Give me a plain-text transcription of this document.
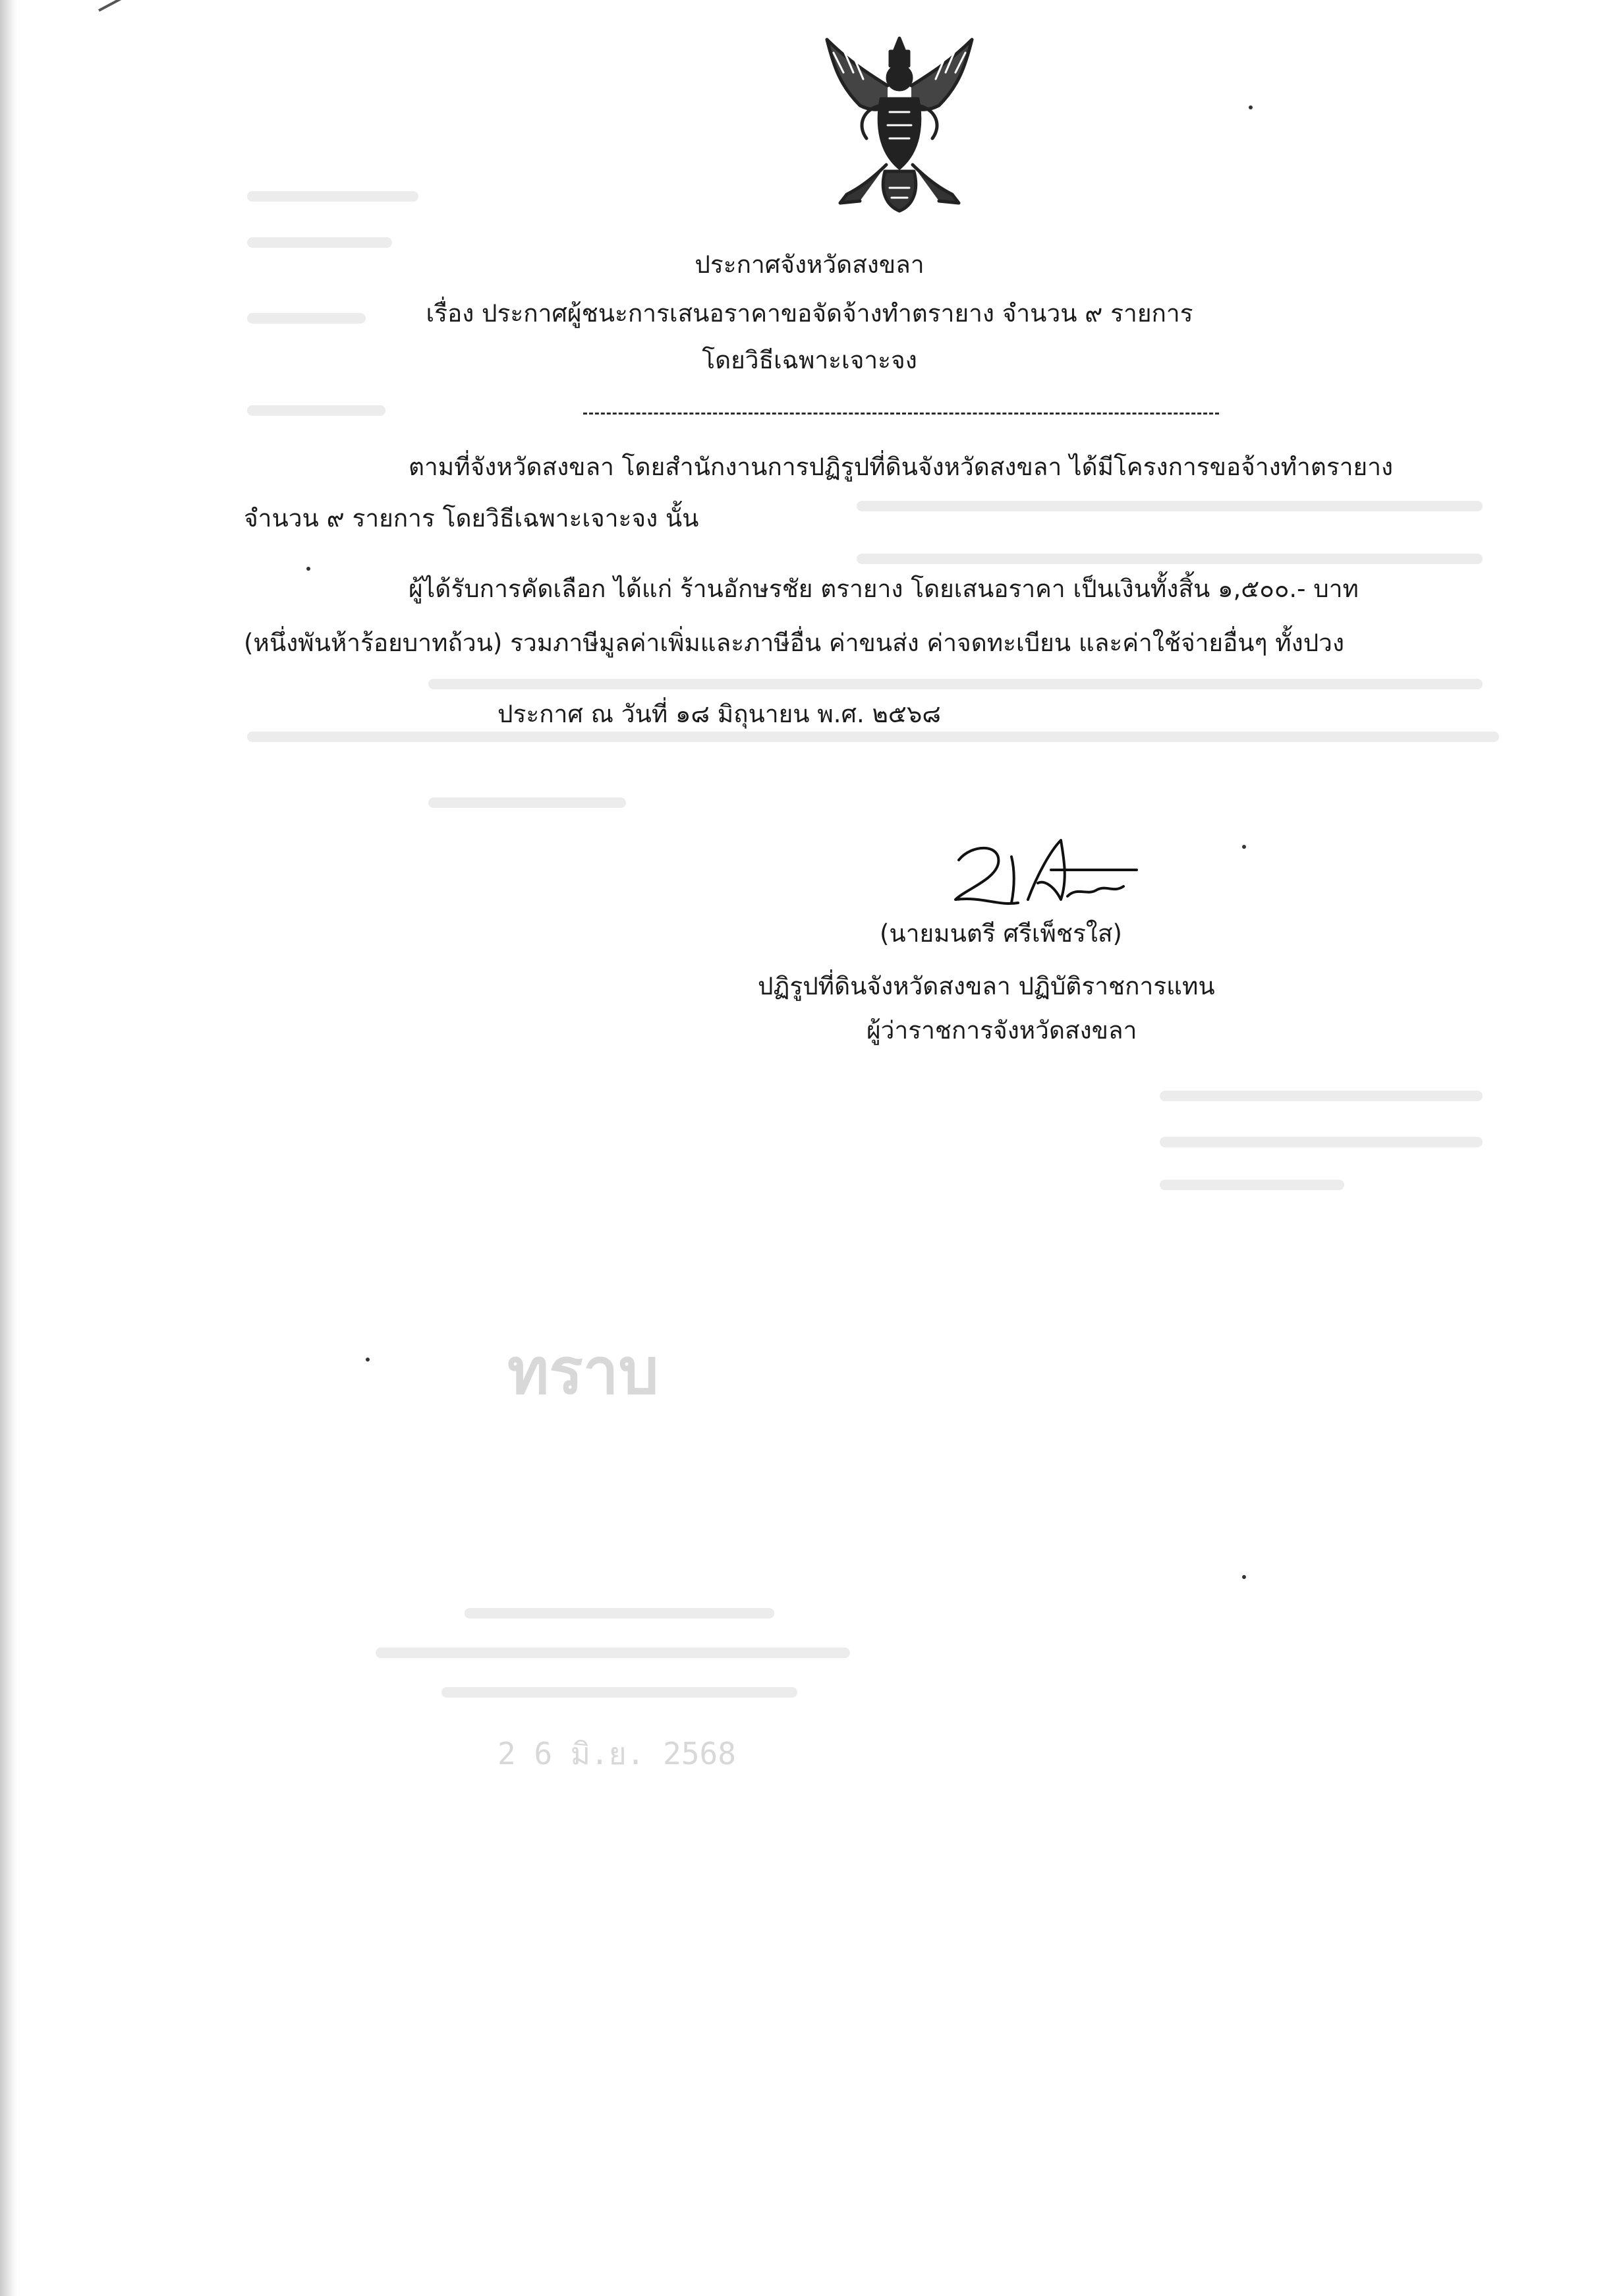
ทราบ
2 6 มิ.ย. 2568
ประกาศจังหวัดสงขลา
เรื่อง ประกาศผู้ชนะการเสนอราคาขอจัดจ้างทำตรายาง จำนวน ๙ รายการ
โดยวิธีเฉพาะเจาะจง
ตามที่จังหวัดสงขลา โดยสำนักงานการปฏิรูปที่ดินจังหวัดสงขลา ได้มีโครงการขอจ้างทำตรายาง
จำนวน ๙ รายการ โดยวิธีเฉพาะเจาะจง นั้น
ผู้ได้รับการคัดเลือก ได้แก่ ร้านอักษรชัย ตรายาง โดยเสนอราคา เป็นเงินทั้งสิ้น ๑,๕๐๐.- บาท
(หนึ่งพันห้าร้อยบาทถ้วน) รวมภาษีมูลค่าเพิ่มและภาษีอื่น ค่าขนส่ง ค่าจดทะเบียน และค่าใช้จ่ายอื่นๆ ทั้งปวง
ประกาศ ณ วันที่ ๑๘ มิถุนายน พ.ศ. ๒๕๖๘
(นายมนตรี ศรีเพ็ชรใส)
ปฏิรูปที่ดินจังหวัดสงขลา ปฏิบัติราชการแทน
ผู้ว่าราชการจังหวัดสงขลา
